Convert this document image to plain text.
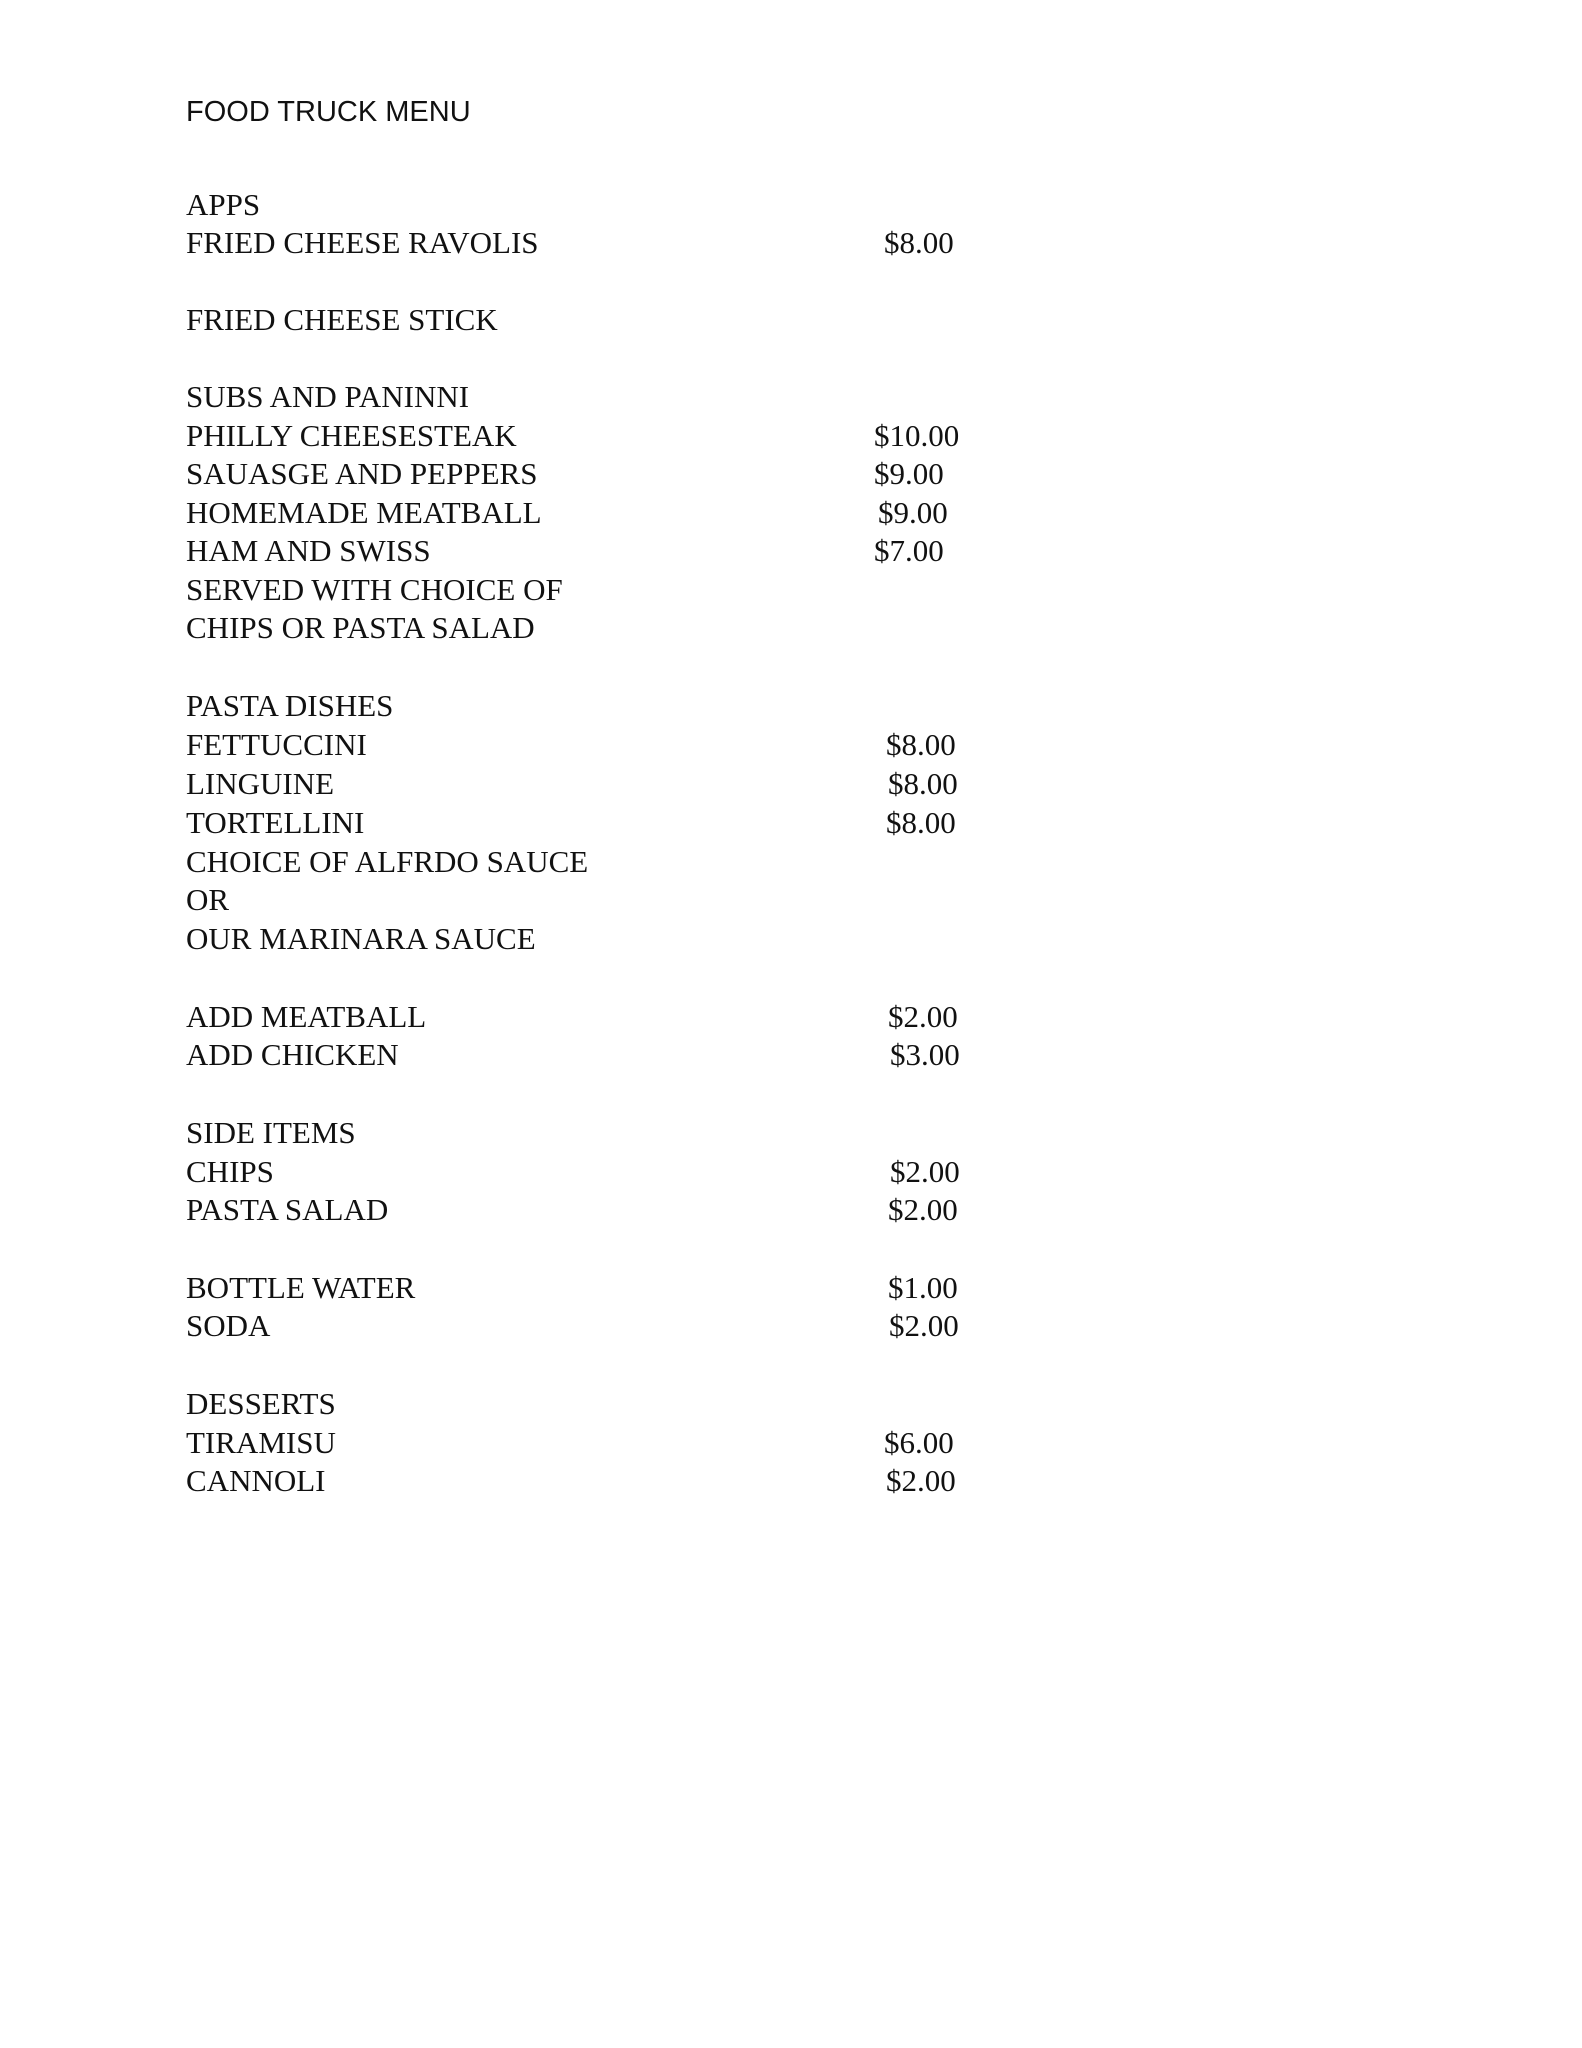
FOOD TRUCK MENU
APPS
FRIED CHEESE RAVOLIS	$8.00
FRIED CHEESE STICK
SUBS AND PANINNI
PHILLY CHEESESTEAK	$10.00
SAUASGE AND PEPPERS	$9.00
HOMEMADE MEATBALL	$9.00
HAM AND SWISS	$7.00
SERVED WITH CHOICE OF
CHIPS OR PASTA SALAD
PASTA DISHES
FETTUCCINI	$8.00
LINGUINE	$8.00
TORTELLINI	$8.00
CHOICE OF ALFRDO SAUCE
OR
OUR MARINARA SAUCE
ADD MEATBALL	$2.00
ADD CHICKEN	$3.00
SIDE ITEMS
CHIPS	$2.00
PASTA SALAD	$2.00
BOTTLE WATER	$1.00
SODA	$2.00
DESSERTS
TIRAMISU	$6.00
CANNOLI	$2.00
